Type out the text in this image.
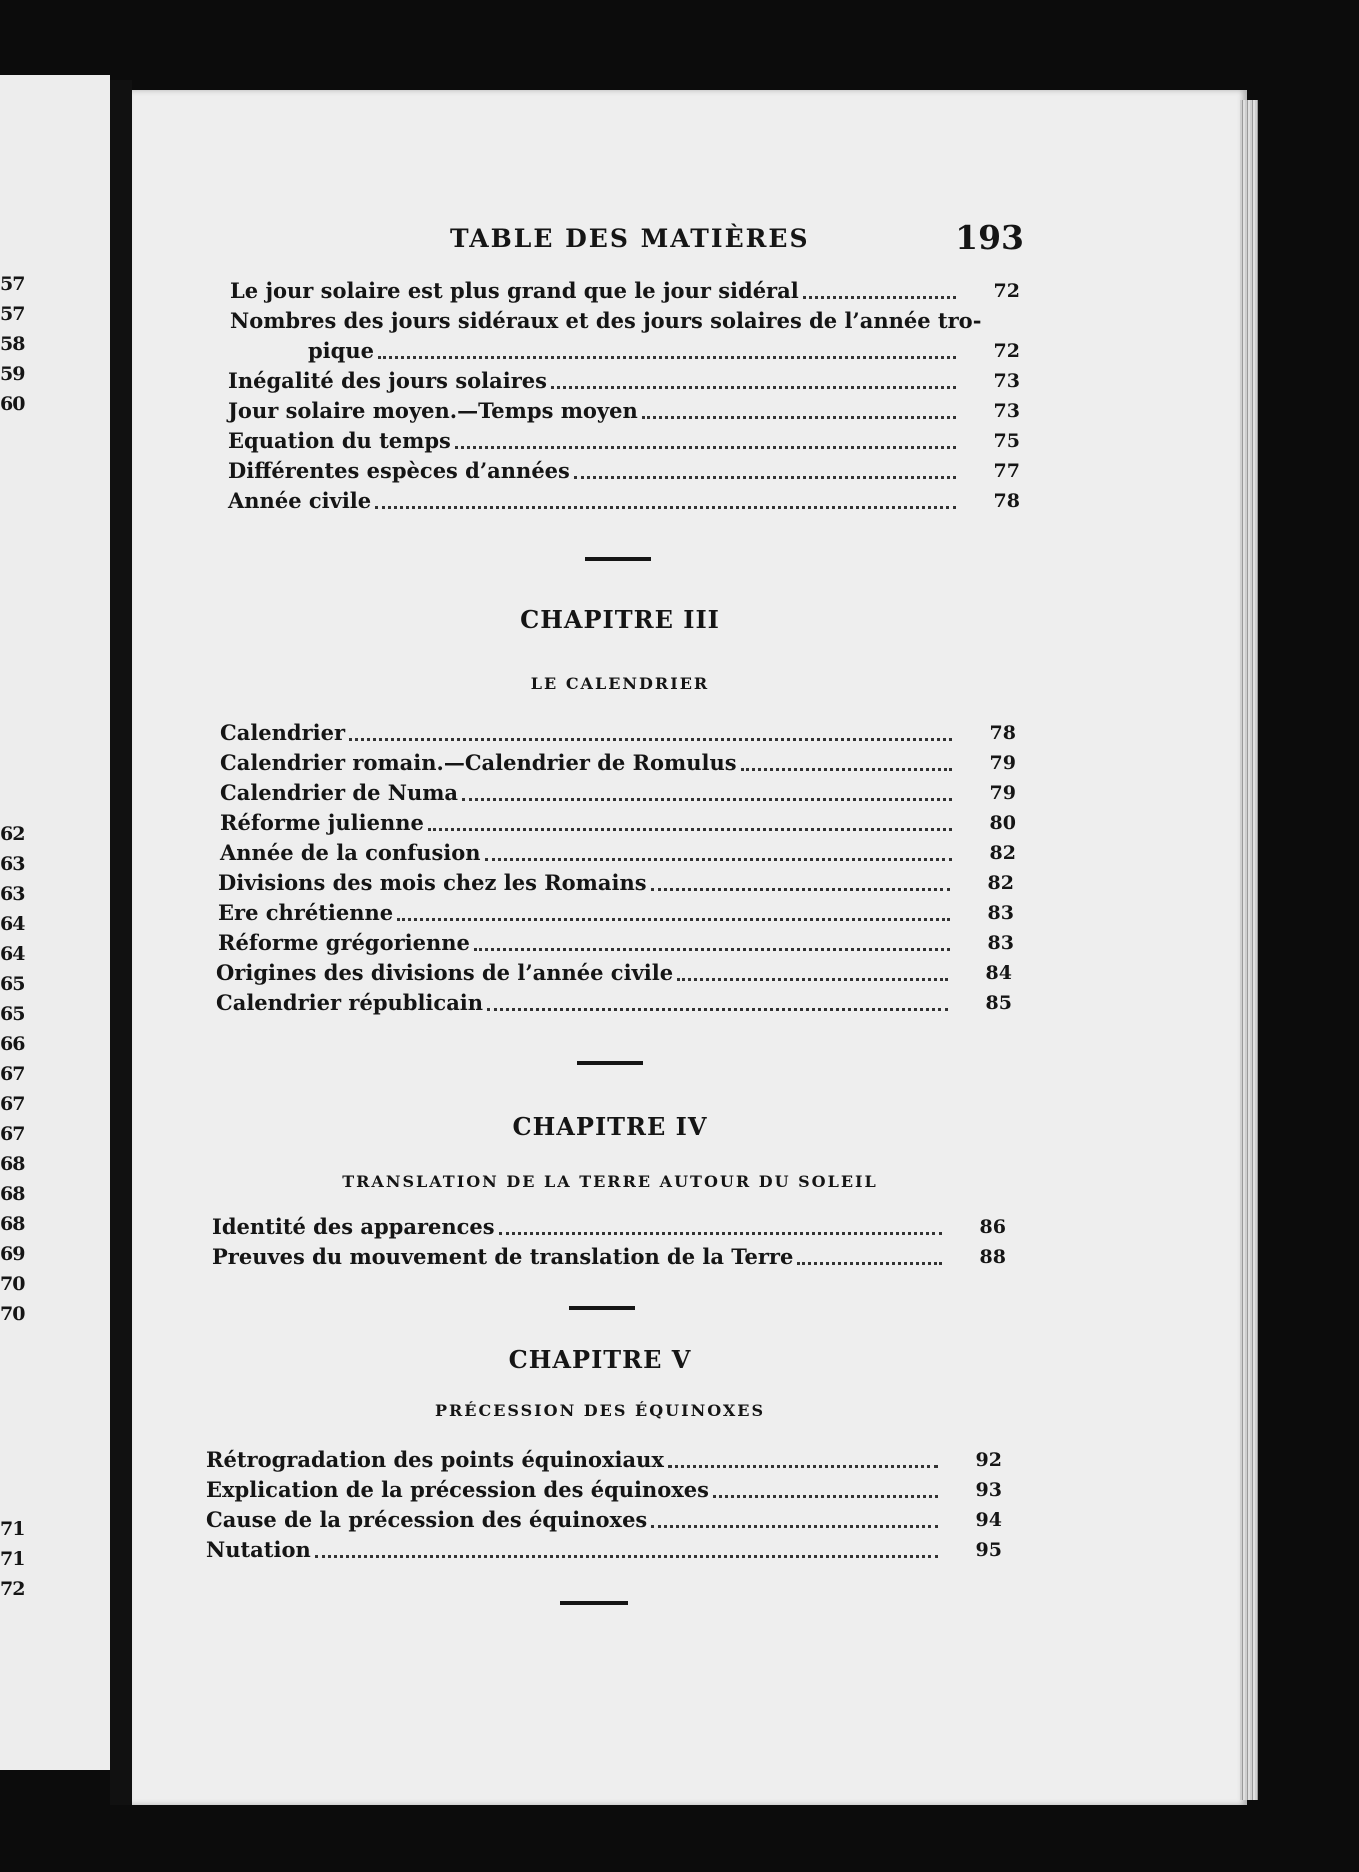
57
57
58
59
60
62
63
63
64
64
65
65
66
67
67
67
68
68
68
69
70
70
71
71
72
TABLE DES MATIÈRES	193
Le jour solaire est plus grand que le jour sidéral	72
Nombres des jours sidéraux et des jours solaires de l’année tro-
pique	72
Inégalité des jours solaires	73
Jour solaire moyen.—Temps moyen	73
Equation du temps	75
Différentes espèces d’années	77
Année civile	78
CHAPITRE III
LE CALENDRIER
Calendrier	78
Calendrier romain.—Calendrier de Romulus	79
Calendrier de Numa	79
Réforme julienne	80
Année de la confusion	82
Divisions des mois chez les Romains	82
Ere chrétienne	83
Réforme grégorienne	83
Origines des divisions de l’année civile	84
Calendrier républicain	85
CHAPITRE IV
TRANSLATION DE LA TERRE AUTOUR DU SOLEIL
Identité des apparences	86
Preuves du mouvement de translation de la Terre	88
CHAPITRE V
PRÉCESSION DES ÉQUINOXES
Rétrogradation des points équinoxiaux	92
Explication de la précession des équinoxes	93
Cause de la précession des équinoxes	94
Nutation	95
